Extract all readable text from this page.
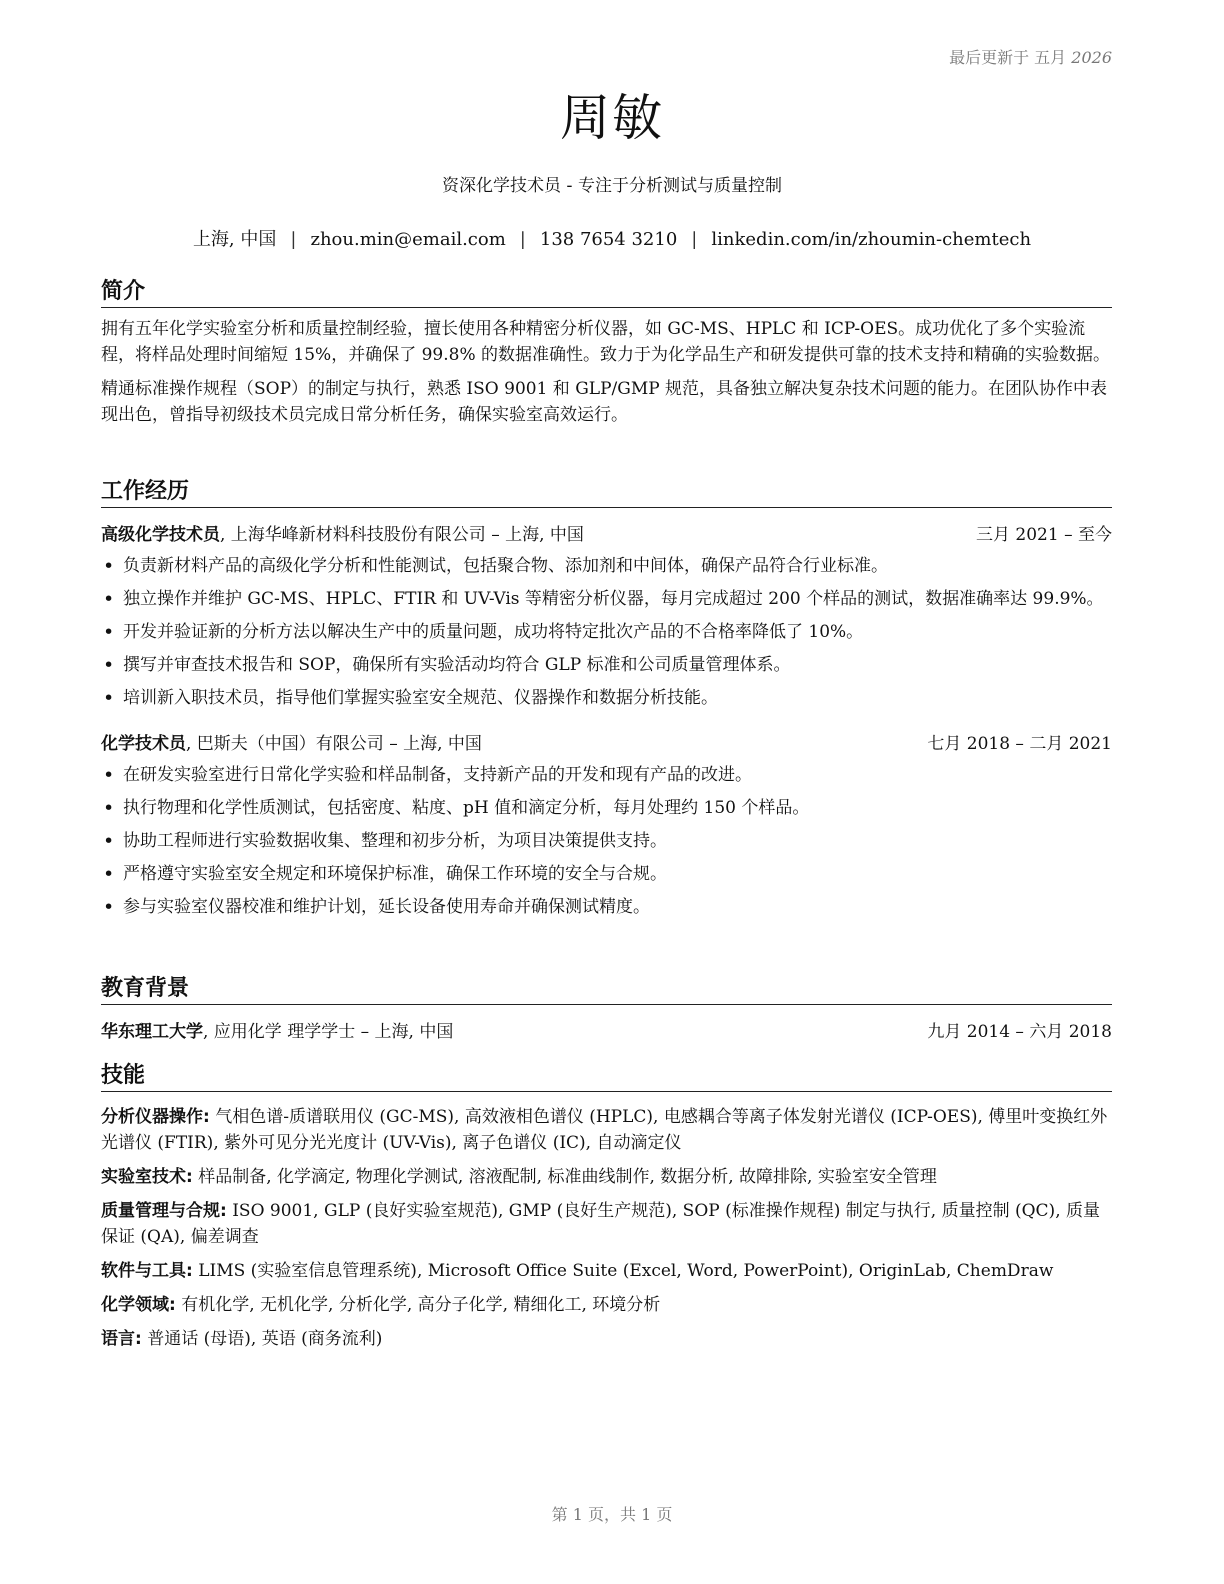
最后更新于 五月 2026
周敏
资深化学技术员 - 专注于分析测试与质量控制
上海, 中国 | zhou.min@email.com | 138 7654 3210 | linkedin.com/in/zhoumin-chemtech
简介
拥有五年化学实验室分析和质量控制经验，擅长使用各种精密分析仪器，如 GC-MS、HPLC 和 ICP-OES。成功优化了多个实验流程，将样品处理时间缩短 15%，并确保了 99.8% 的数据准确性。致力于为化学品生产和研发提供可靠的技术支持和精确的实验数据。
精通标准操作规程（SOP）的制定与执行，熟悉 ISO 9001 和 GLP/GMP 规范，具备独立解决复杂技术问题的能力。在团队协作中表现出色，曾指导初级技术员完成日常分析任务，确保实验室高效运行。
工作经历
高级化学技术员, 上海华峰新材料科技股份有限公司 – 上海, 中国	三月 2021 – 至今
• 负责新材料产品的高级化学分析和性能测试，包括聚合物、添加剂和中间体，确保产品符合行业标准。
• 独立操作并维护 GC-MS、HPLC、FTIR 和 UV-Vis 等精密分析仪器，每月完成超过 200 个样品的测试，数据准确率达 99.9%。
• 开发并验证新的分析方法以解决生产中的质量问题，成功将特定批次产品的不合格率降低了 10%。
• 撰写并审查技术报告和 SOP，确保所有实验活动均符合 GLP 标准和公司质量管理体系。
• 培训新入职技术员，指导他们掌握实验室安全规范、仪器操作和数据分析技能。
化学技术员, 巴斯夫（中国）有限公司 – 上海, 中国	七月 2018 – 二月 2021
• 在研发实验室进行日常化学实验和样品制备，支持新产品的开发和现有产品的改进。
• 执行物理和化学性质测试，包括密度、粘度、pH 值和滴定分析，每月处理约 150 个样品。
• 协助工程师进行实验数据收集、整理和初步分析，为项目决策提供支持。
• 严格遵守实验室安全规定和环境保护标准，确保工作环境的安全与合规。
• 参与实验室仪器校准和维护计划，延长设备使用寿命并确保测试精度。
教育背景
华东理工大学, 应用化学 理学学士 – 上海, 中国	九月 2014 – 六月 2018
技能
分析仪器操作: 气相色谱-质谱联用仪 (GC-MS), 高效液相色谱仪 (HPLC), 电感耦合等离子体发射光谱仪 (ICP-OES), 傅里叶变换红外光谱仪 (FTIR), 紫外可见分光光度计 (UV-Vis), 离子色谱仪 (IC), 自动滴定仪
实验室技术: 样品制备, 化学滴定, 物理化学测试, 溶液配制, 标准曲线制作, 数据分析, 故障排除, 实验室安全管理
质量管理与合规: ISO 9001, GLP (良好实验室规范), GMP (良好生产规范), SOP (标准操作规程) 制定与执行, 质量控制 (QC), 质量保证 (QA), 偏差调查
软件与工具: LIMS (实验室信息管理系统), Microsoft Office Suite (Excel, Word, PowerPoint), OriginLab, ChemDraw
化学领域: 有机化学, 无机化学, 分析化学, 高分子化学, 精细化工, 环境分析
语言: 普通话 (母语), 英语 (商务流利)
第 1 页，共 1 页
